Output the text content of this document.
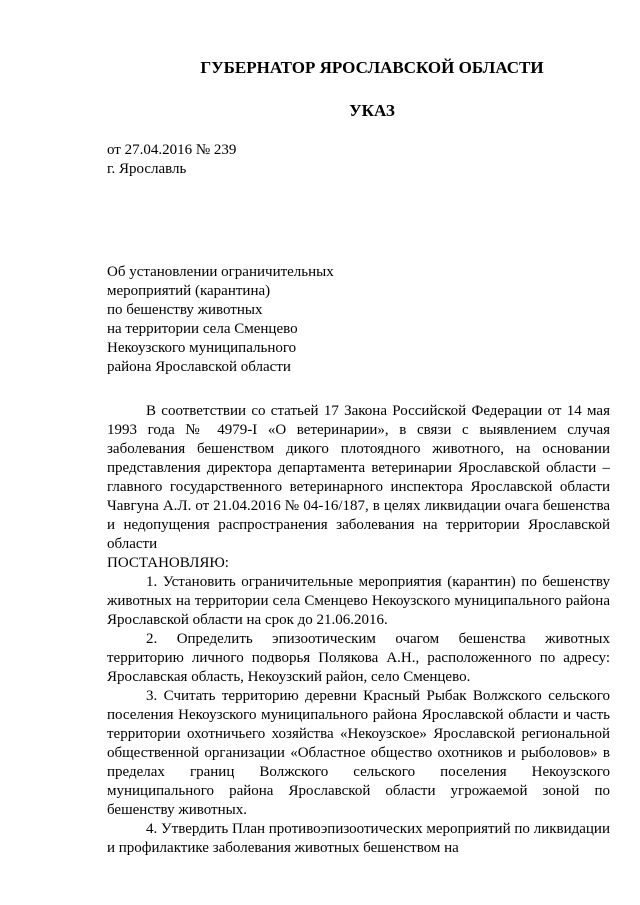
ГУБЕРНАТОР ЯРОСЛАВСКОЙ ОБЛАСТИ
УКАЗ
от 27.04.2016 № 239
г. Ярославль
Об установлении ограничительных
мероприятий (карантина)
по бешенству животных
на территории села Сменцево
Некоузского муниципального
района Ярославской области

В соответствии со статьей 17 Закона Российской Федерации от 14 мая 1993 года № 4979-I «О ветеринарии», в связи с выявлением случая заболевания бешенством дикого плотоядного животного, на основании представления директора департамента ветеринарии Ярославской области – главного государственного ветеринарного инспектора Ярославской области Чавгуна А.Л. от 21.04.2016 № 04-16/187, в целях ликвидации очага бешенства и недопущения распространения заболевания на территории Ярославской области

ПОСТАНОВЛЯЮ:

1. Установить ограничительные мероприятия (карантин) по бешенству животных на территории села Сменцево Некоузского муниципального района Ярославской области на срок до 21.06.2016.

2. Определить эпизоотическим очагом бешенства животных территорию личного подворья Полякова А.Н., расположенного по адресу: Ярославская область, Некоузский район, село Сменцево.

3. Считать территорию деревни Красный Рыбак Волжского сельского поселения Некоузского муниципального района Ярославской области и часть территории охотничьего хозяйства «Некоузское» Ярославской региональной общественной организации «Областное общество охотников и рыболовов» в пределах границ Волжского сельского поселения Некоузского муниципального района Ярославской области угрожаемой зоной по бешенству животных.

4. Утвердить План противоэпизоотических мероприятий по ликвидации и профилактике заболевания животных бешенством на
